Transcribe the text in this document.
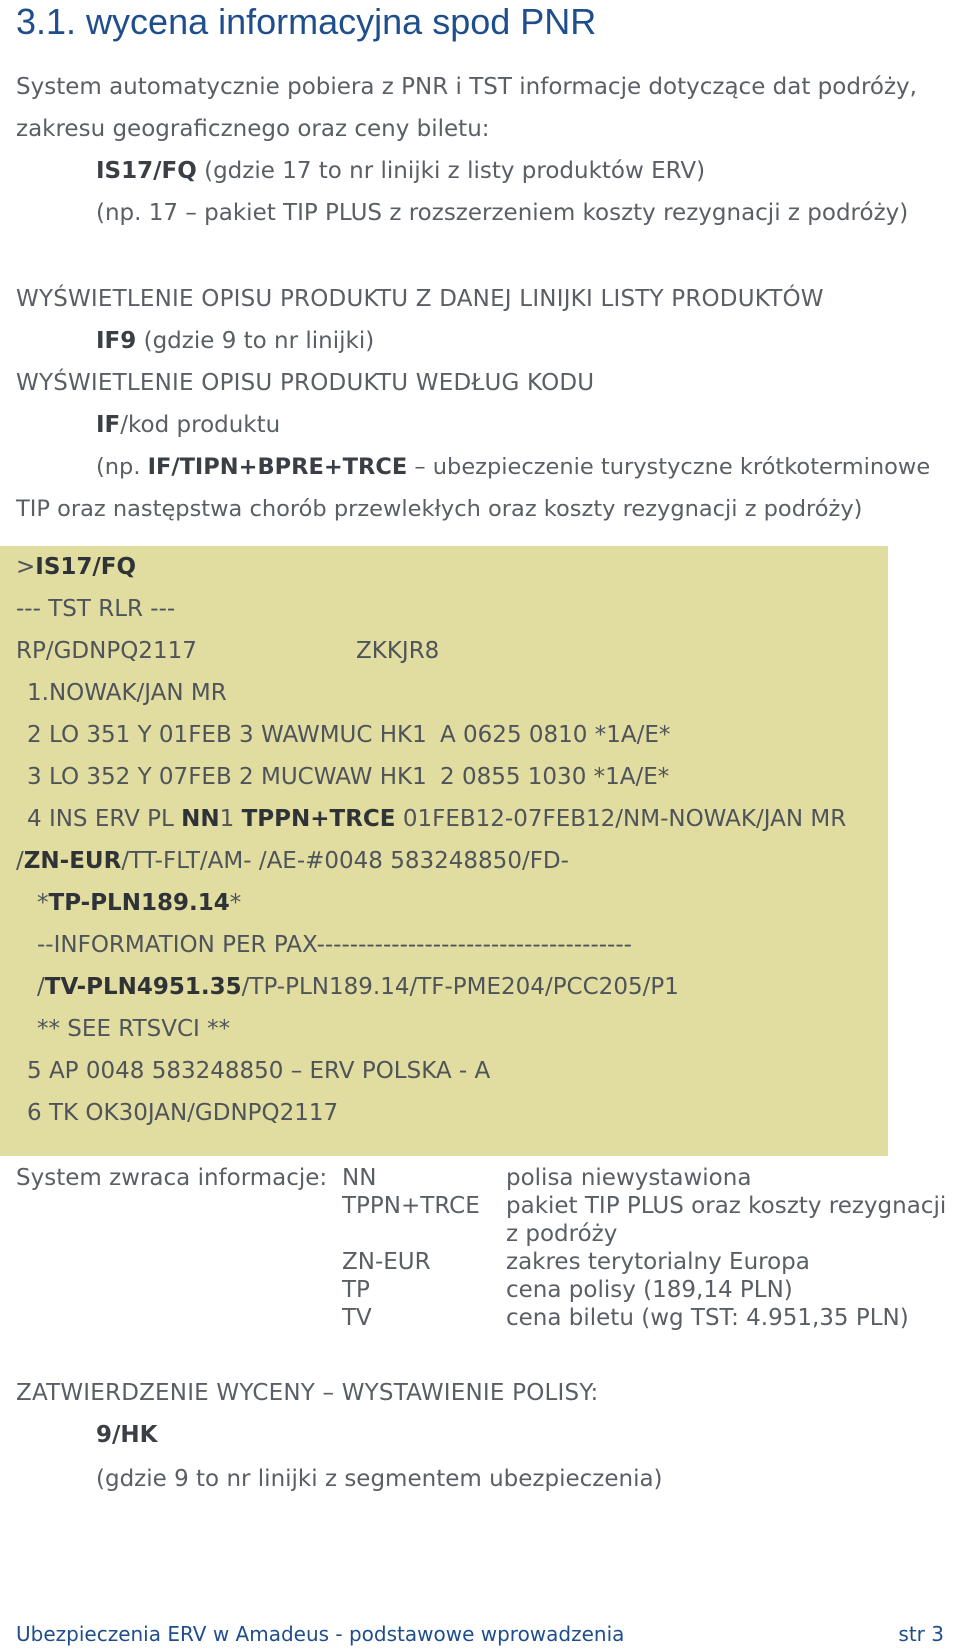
3.1. wycena informacyjna spod PNR
System automatycznie pobiera z PNR i TST informacje dotyczące dat podróży,
zakresu geograficznego oraz ceny biletu:
IS17/FQ (gdzie 17 to nr linijki z listy produktów ERV)
(np. 17 – pakiet TIP PLUS z rozszerzeniem koszty rezygnacji z podróży)
WYŚWIETLENIE OPISU PRODUKTU Z DANEJ LINIJKI LISTY PRODUKTÓW
IF9 (gdzie 9 to nr linijki)
WYŚWIETLENIE OPISU PRODUKTU WEDŁUG KODU
IF/kod produktu
(np. IF/TIPN+BPRE+TRCE – ubezpieczenie turystyczne krótkoterminowe
TIP oraz następstwa chorób przewlekłych oraz koszty rezygnacji z podróży)
>IS17/FQ
--- TST RLR ---
RP/GDNPQ2117	ZKKJR8
1.NOWAK/JAN MR
2 LO 351 Y 01FEB 3 WAWMUC HK1 A 0625 0810 *1A/E*
3 LO 352 Y 07FEB 2 MUCWAW HK1 2 0855 1030 *1A/E*
4 INS ERV PL NN1 TPPN+TRCE 01FEB12-07FEB12/NM-NOWAK/JAN MR
/ZN-EUR/TT-FLT/AM- /AE-#0048 583248850/FD-
*TP-PLN189.14*
--INFORMATION PER PAX--------------------------------------
/TV-PLN4951.35/TP-PLN189.14/TF-PME204/PCC205/P1
** SEE RTSVCI **
5 AP 0048 583248850 – ERV POLSKA - A
6 TK OK30JAN/GDNPQ2117
System zwraca informacje: NN	polisa niewystawiona
TPPN+TRCE pakiet TIP PLUS oraz koszty rezygnacji
z podróży
ZN-EUR	zakres terytorialny Europa
TP	cena polisy (189,14 PLN)
TV	cena biletu (wg TST: 4.951,35 PLN)
ZATWIERDZENIE WYCENY – WYSTAWIENIE POLISY:
9/HK
(gdzie 9 to nr linijki z segmentem ubezpieczenia)
Ubezpieczenia ERV w Amadeus - podstawowe wprowadzenia	str 3
